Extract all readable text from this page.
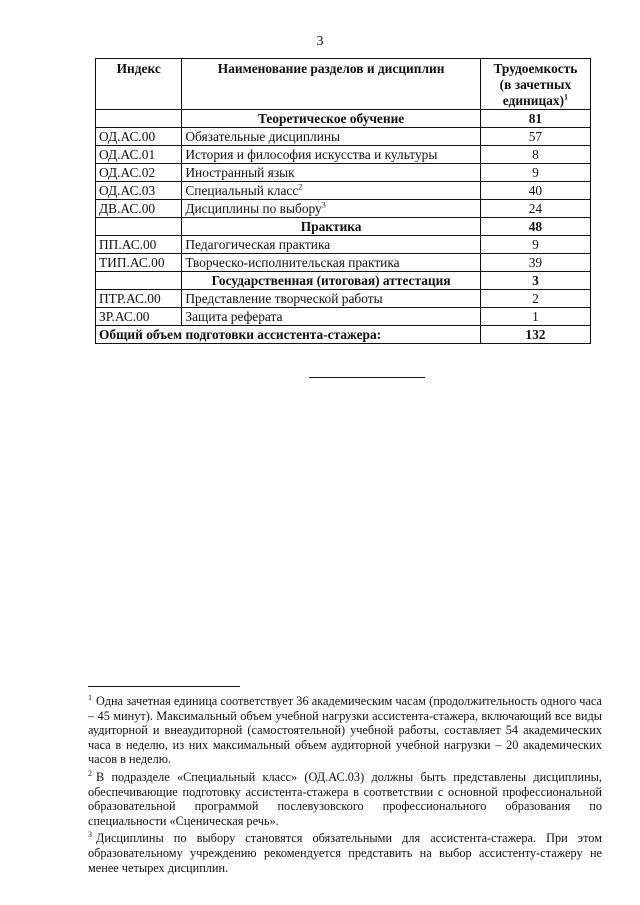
3
Индекс	Наименование разделов и дисциплин	Трудоемкость
(в зачетных
единицах)$^1$
	Теоретическое обучение	81
ОД.АС.00	Обязательные дисциплины	57
ОД.АС.01	История и философия искусства и культуры	8
ОД.АС.02	Иностранный язык	9
ОД.АС.03	Специальный класс$^2$	40
ДВ.АС.00	Дисциплины по выбору$^3$	24
	Практика	48
ПП.АС.00	Педагогическая практика	9
ТИП.АС.00	Творческо-исполнительская практика	39
	Государственная (итоговая) аттестация	3
ПТР.АС.00	Представление творческой работы	2
ЗР.АС.00	Защита реферата	1
Общий объем подготовки ассистента-стажера:		132

$^1$ Одна зачетная единица соответствует 36 академическим часам (продолжительность одного часа – 45 минут). Максимальный объем учебной нагрузки ассистента-стажера, включающий все виды аудиторной и внеаудиторной (самостоятельной) учебной работы, составляет 54 академических часа в неделю, из них максимальный объем аудиторной учебной нагрузки – 20 академических часов в неделю.

$^2$ В подразделе «Специальный класс» (ОД.АС.03) должны быть представлены дисциплины, обеспечивающие подготовку ассистента-стажера в соответствии с основной профессиональной образовательной программой послевузовского профессионального образования по специальности «Сценическая речь».

$^3$ Дисциплины по выбору становятся обязательными для ассистента-стажера. При этом образовательному учреждению рекомендуется представить на выбор ассистенту-стажеру не менее четырех дисциплин.
